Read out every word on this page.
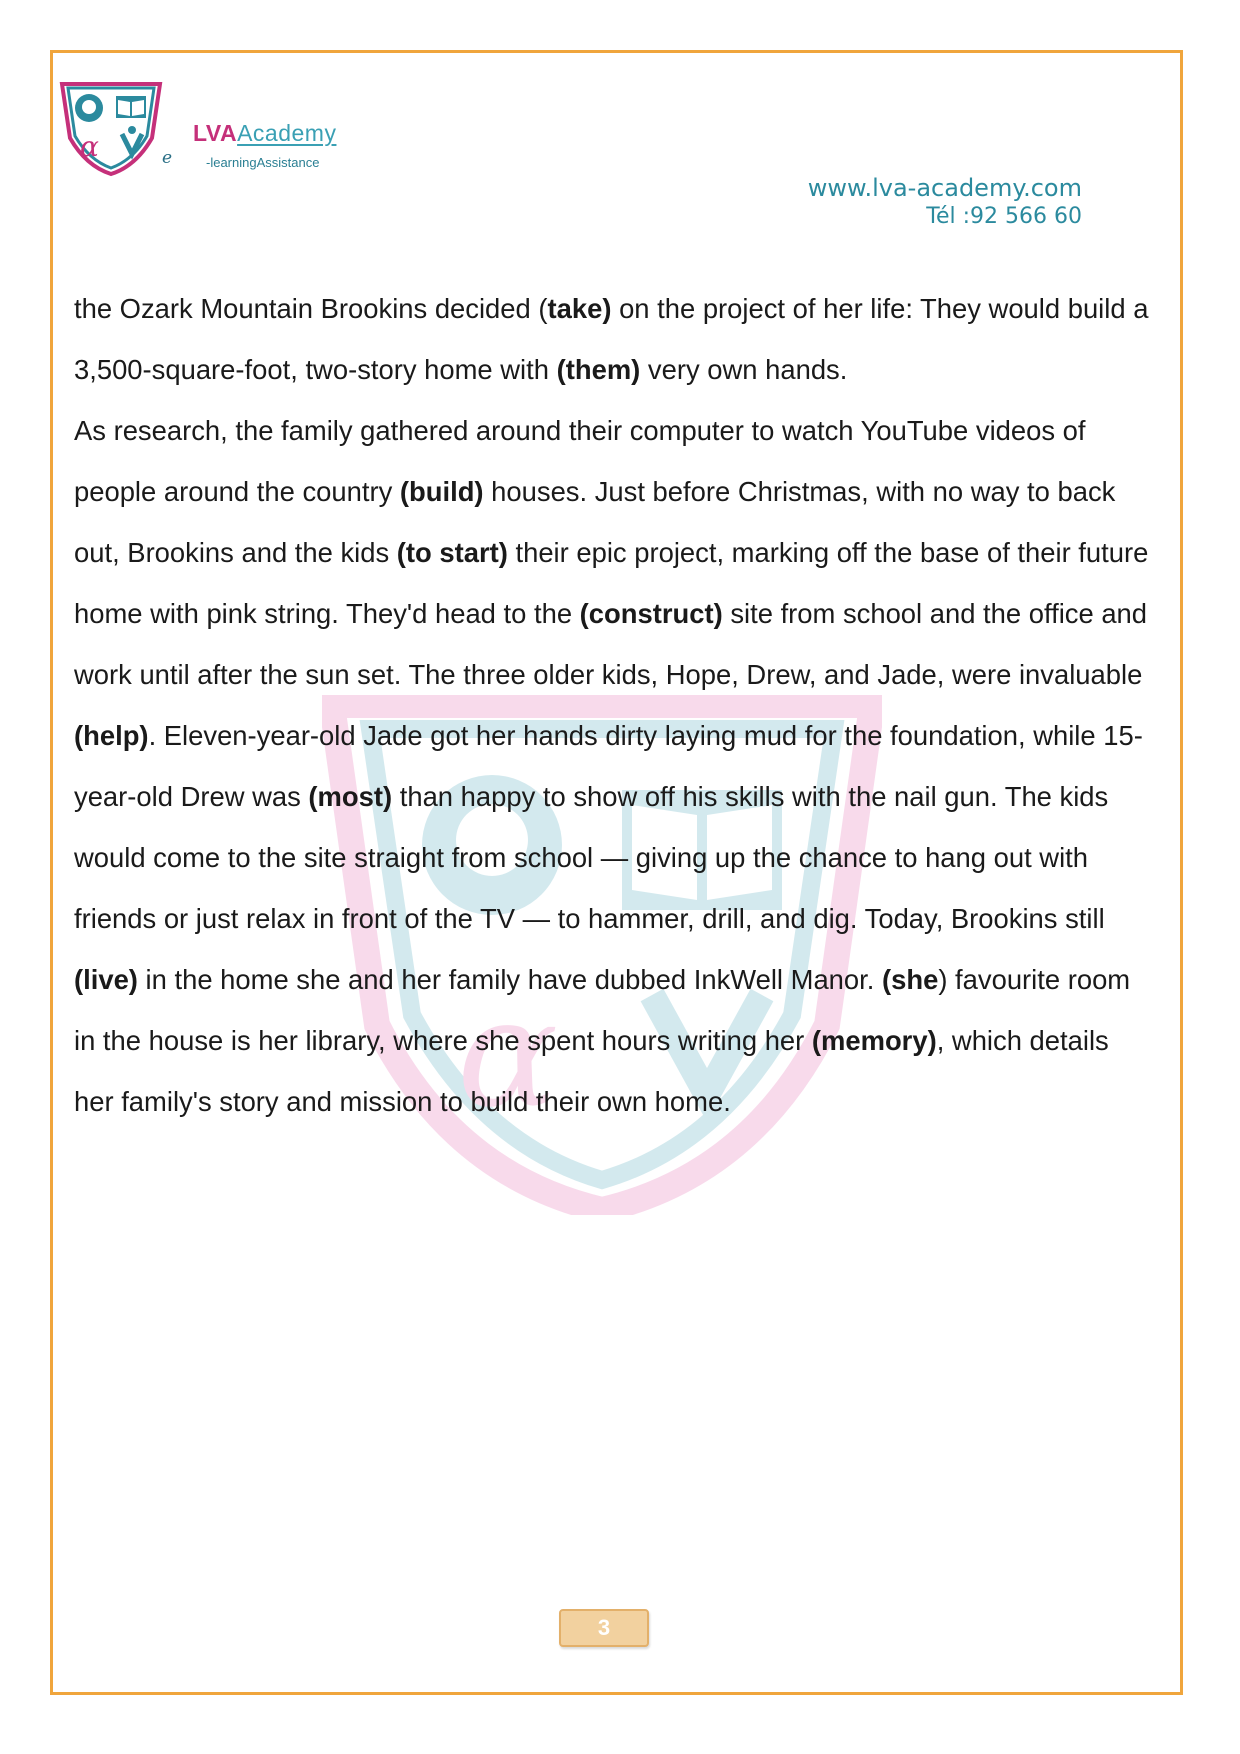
α	LVAAcademy
e	-learningAssistance
www.lva-academy.com
Tél :92 566 60
α

the Ozark Mountain Brookins decided (take) on the project of her life: They would build a 3,500-square-foot, two-story home with (them) very own hands.

As research, the family gathered around their computer to watch YouTube videos of people around the country (build) houses. Just before Christmas, with no way to back out, Brookins and the kids (to start) their epic project, marking off the base of their future home with pink string. They'd head to the (construct) site from school and the office and work until after the sun set. The three older kids, Hope, Drew, and Jade, were invaluable (help). Eleven-year-old Jade got her hands dirty laying mud for the foundation, while 15-year-old Drew was (most) than happy to show off his skills with the nail gun. The kids would come to the site straight from school — giving up the chance to hang out with friends or just relax in front of the TV — to hammer, drill, and dig. Today, Brookins still (live) in the home she and her family have dubbed InkWell Manor. (she) favourite room in the house is her library, where she spent hours writing her (memory), which details her family's story and mission to build their own home.

3
